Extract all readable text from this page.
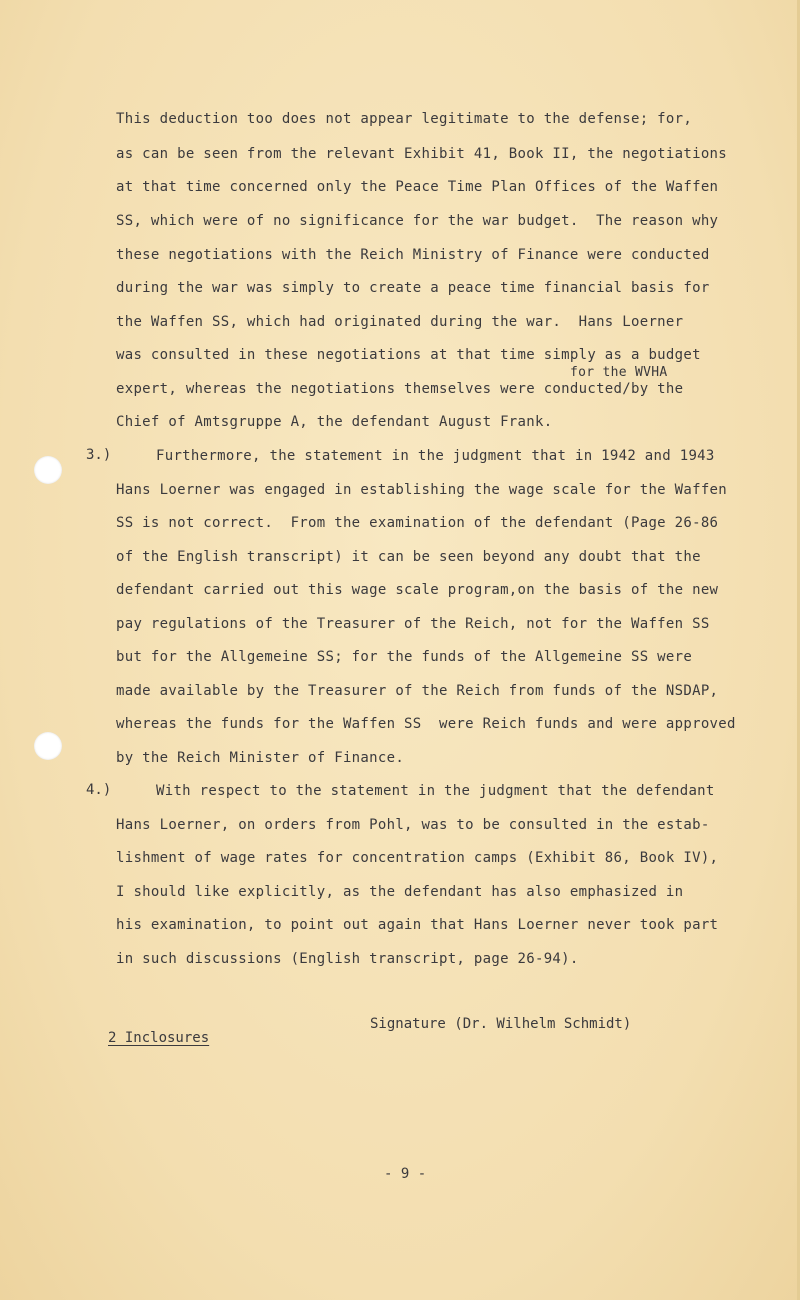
This deduction too does not appear legitimate to the defense; for,
as can be seen from the relevant Exhibit 41, Book II, the negotiations
at that time concerned only the Peace Time Plan Offices of the Waffen
SS, which were of no significance for the war budget.  The reason why
these negotiations with the Reich Ministry of Finance were conducted
during the war was simply to create a peace time financial basis for
the Waffen SS, which had originated during the war.  Hans Loerner
was consulted in these negotiations at that time simply as a budget
for the WVHA
expert, whereas the negotiations themselves were conducted/by the
Chief of Amtsgruppe A, the defendant August Frank.
3.)	Furthermore, the statement in the judgment that in 1942 and 1943
Hans Loerner was engaged in establishing the wage scale for the Waffen
SS is not correct.  From the examination of the defendant (Page 26-86
of the English transcript) it can be seen beyond any doubt that the
defendant carried out this wage scale program,on the basis of the new
pay regulations of the Treasurer of the Reich, not for the Waffen SS
but for the Allgemeine SS; for the funds of the Allgemeine SS were
made available by the Treasurer of the Reich from funds of the NSDAP,
whereas the funds for the Waffen SS  were Reich funds and were approved
by the Reich Minister of Finance.
4.)	With respect to the statement in the judgment that the defendant
Hans Loerner, on orders from Pohl, was to be consulted in the estab-
lishment of wage rates for concentration camps (Exhibit 86, Book IV),
I should like explicitly, as the defendant has also emphasized in
his examination, to point out again that Hans Loerner never took part
in such discussions (English transcript, page 26-94).
Signature (Dr. Wilhelm Schmidt)
2 Inclosures
- 9 -
